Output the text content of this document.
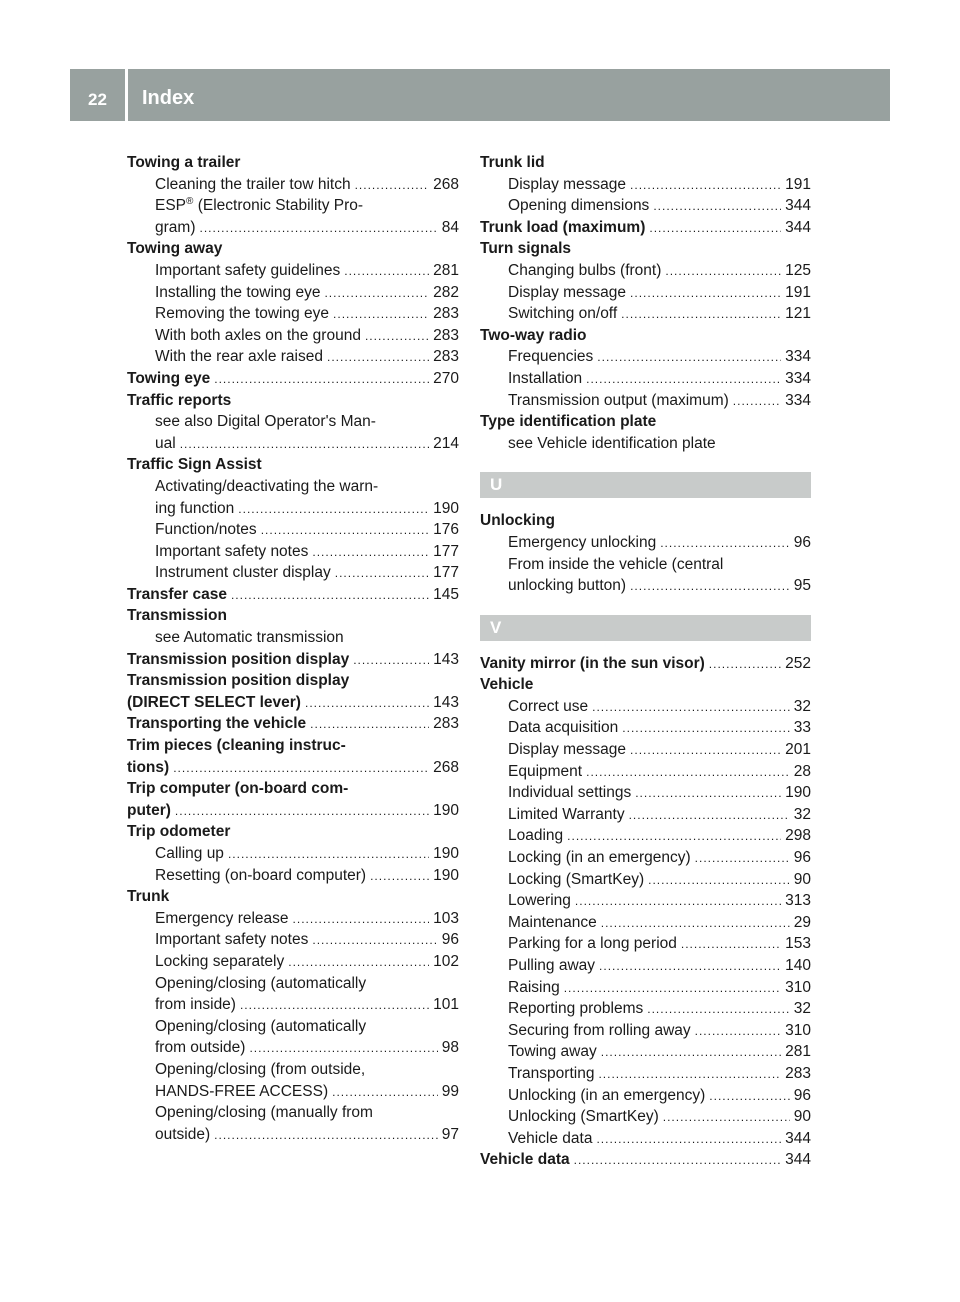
22	Index
Towing a trailer
Cleaning the trailer tow hitch .....	268
ESP® (Electronic Stability Pro-
gram) .....	84
Towing away
Important safety guidelines .....	281
Installing the towing eye .....	282
Removing the towing eye .....	283
With both axles on the ground .....	283
With the rear axle raised .....	283
Towing eye .....	270
Traffic reports
see also Digital Operator's Man-
ual .....	214
Traffic Sign Assist
Activating/deactivating the warn-
ing function .....	190
Function/notes .....	176
Important safety notes .....	177
Instrument cluster display .....	177
Transfer case .....	145
Transmission
see Automatic transmission
Transmission position display .....	143
Transmission position display
(DIRECT SELECT lever) .....	143
Transporting the vehicle .....	283
Trim pieces (cleaning instruc-
tions) .....	268
Trip computer (on-board com-
puter) .....	190
Trip odometer
Calling up .....	190
Resetting (on-board computer) .....	190
Trunk
Emergency release .....	103
Important safety notes .....	96
Locking separately .....	102
Opening/closing (automatically
from inside) .....	101
Opening/closing (automatically
from outside) .....	98
Opening/closing (from outside,
HANDS-FREE ACCESS) .....	99
Opening/closing (manually from
outside) .....	97
Trunk lid
Display message .....	191
Opening dimensions .....	344
Trunk load (maximum) .....	344
Turn signals
Changing bulbs (front) .....	125
Display message .....	191
Switching on/off .....	121
Two-way radio
Frequencies .....	334
Installation .....	334
Transmission output (maximum) .....	334
Type identification plate
see Vehicle identification plate
U
Unlocking
Emergency unlocking .....	96
From inside the vehicle (central
unlocking button) .....	95
V
Vanity mirror (in the sun visor) .....	252
Vehicle
Correct use .....	32
Data acquisition .....	33
Display message .....	201
Equipment .....	28
Individual settings .....	190
Limited Warranty .....	32
Loading .....	298
Locking (in an emergency) .....	96
Locking (SmartKey) .....	90
Lowering .....	313
Maintenance .....	29
Parking for a long period .....	153
Pulling away .....	140
Raising .....	310
Reporting problems .....	32
Securing from rolling away .....	310
Towing away .....	281
Transporting .....	283
Unlocking (in an emergency) .....	96
Unlocking (SmartKey) .....	90
Vehicle data .....	344
Vehicle data .....	344
